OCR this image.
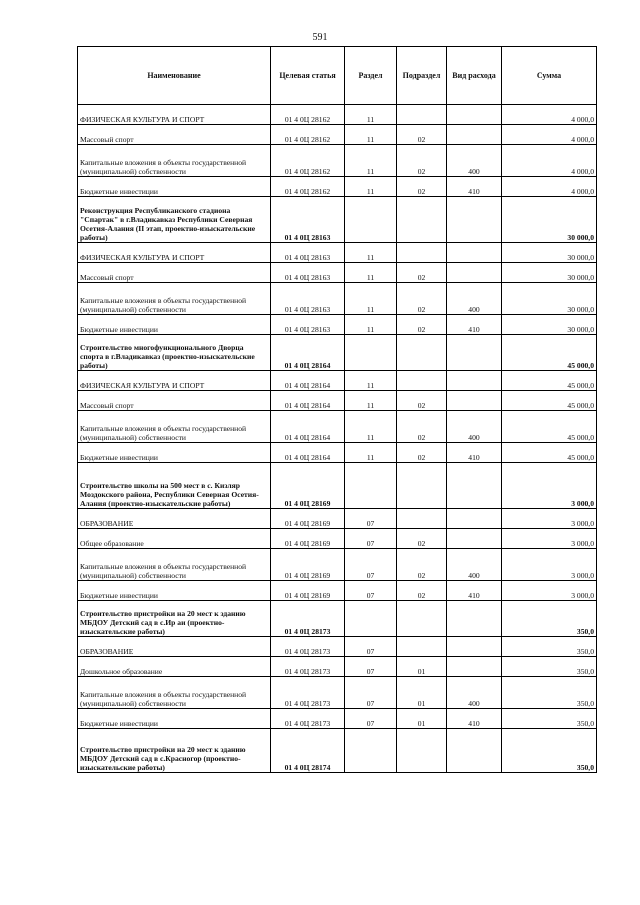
591
Наименование	Целевая статья	Раздел	Подраздел	Вид расхода	Сумма
ФИЗИЧЕСКАЯ КУЛЬТУРА И СПОРТ	01 4 0Ц 28162	11			4 000,0
Массовый спорт	01 4 0Ц 28162	11	02		4 000,0
Капитальные вложения в объекты государственной (муниципальной) собственности	01 4 0Ц 28162	11	02	400	4 000,0
Бюджетные инвестиции	01 4 0Ц 28162	11	02	410	4 000,0
Реконструкция Республиканского стадиона "Спартак" в г.Владикавказ Республики Северная Осетия-Алания (II этап, проектно-изыскательские работы)	01 4 0Ц 28163				30 000,0
ФИЗИЧЕСКАЯ КУЛЬТУРА И СПОРТ	01 4 0Ц 28163	11			30 000,0
Массовый спорт	01 4 0Ц 28163	11	02		30 000,0
Капитальные вложения в объекты государственной (муниципальной) собственности	01 4 0Ц 28163	11	02	400	30 000,0
Бюджетные инвестиции	01 4 0Ц 28163	11	02	410	30 000,0
Строительство многофункционального Дворца спорта в г.Владикавказ (проектно-изыскательские работы)	01 4 0Ц 28164				45 000,0
ФИЗИЧЕСКАЯ КУЛЬТУРА И СПОРТ	01 4 0Ц 28164	11			45 000,0
Массовый спорт	01 4 0Ц 28164	11	02		45 000,0
Капитальные вложения в объекты государственной (муниципальной) собственности	01 4 0Ц 28164	11	02	400	45 000,0
Бюджетные инвестиции	01 4 0Ц 28164	11	02	410	45 000,0
Строительство школы на 500 мест в с. Кизляр Моздокского района, Республики Северная Осетия-Алания (проектно-изыскательские работы)	01 4 0Ц 28169				3 000,0
ОБРАЗОВАНИЕ	01 4 0Ц 28169	07			3 000,0
Общее образование	01 4 0Ц 28169	07	02		3 000,0
Капитальные вложения в объекты государственной (муниципальной) собственности	01 4 0Ц 28169	07	02	400	3 000,0
Бюджетные инвестиции	01 4 0Ц 28169	07	02	410	3 000,0
Строительство пристройки на 20 мест к зданию МБДОУ Детский сад в с.Ир аи (проектно-изыскательские работы)	01 4 0Ц 28173				350,0
ОБРАЗОВАНИЕ	01 4 0Ц 28173	07			350,0
Дошкольное образование	01 4 0Ц 28173	07	01		350,0
Капитальные вложения в объекты государственной (муниципальной) собственности	01 4 0Ц 28173	07	01	400	350,0
Бюджетные инвестиции	01 4 0Ц 28173	07	01	410	350,0
Строительство пристройки на 20 мест к зданию МБДОУ Детский сад в с.Красногор (проектно-изыскательские работы)	01 4 0Ц 28174				350,0
